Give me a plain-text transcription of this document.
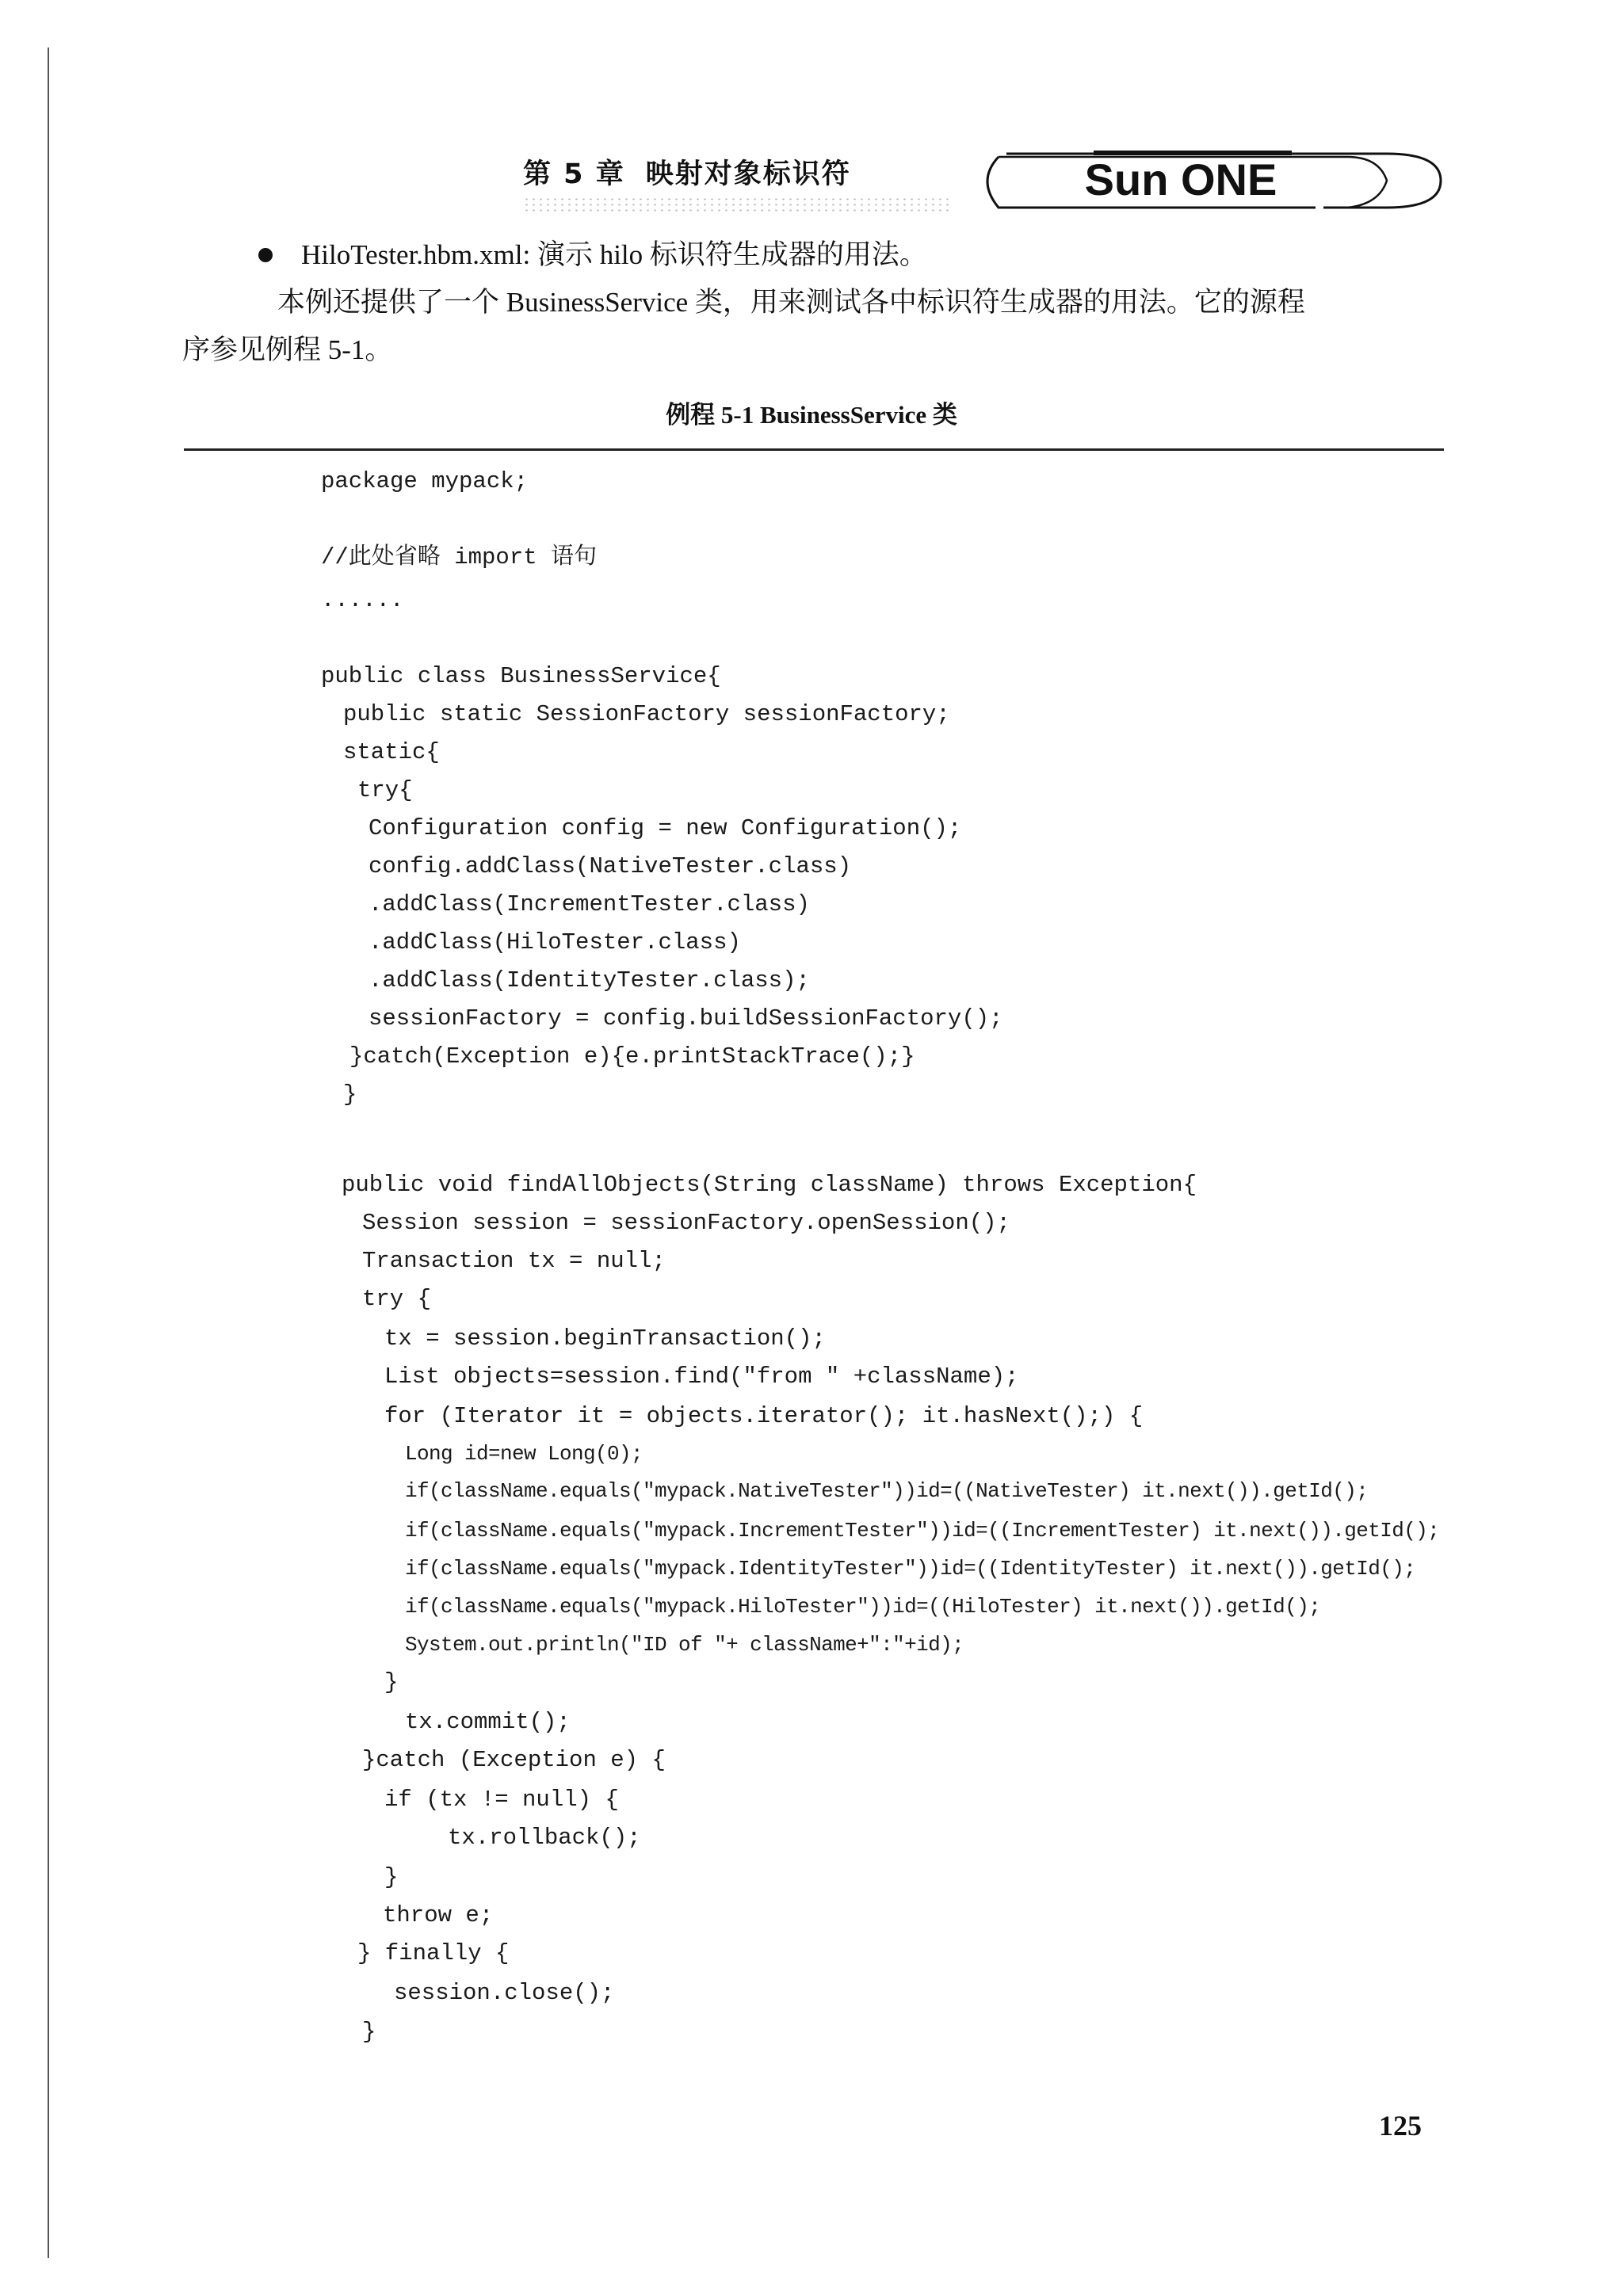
第 5 章 映射对象标识符	Sun ONE
HiloTester.hbm.xml: 演示 hilo 标识符生成器的用法。
本例还提供了一个 BusinessService 类，用来测试各中标识符生成器的用法。它的源程
序参见例程 5-1。
例程 5-1 BusinessService 类
package mypack;
//此处省略 import 语句
......
public class BusinessService{
public static SessionFactory sessionFactory;
static{
try{
Configuration config = new Configuration();
config.addClass(NativeTester.class)
.addClass(IncrementTester.class)
.addClass(HiloTester.class)
.addClass(IdentityTester.class);
sessionFactory = config.buildSessionFactory();
}catch(Exception e){e.printStackTrace();}
}
public void findAllObjects(String className) throws Exception{
Session session = sessionFactory.openSession();
Transaction tx = null;
try {
tx = session.beginTransaction();
List objects=session.find("from " +className);
for (Iterator it = objects.iterator(); it.hasNext();) {
Long id=new Long(0);
if(className.equals("mypack.NativeTester"))id=((NativeTester) it.next()).getId();
if(className.equals("mypack.IncrementTester"))id=((IncrementTester) it.next()).getId();
if(className.equals("mypack.IdentityTester"))id=((IdentityTester) it.next()).getId();
if(className.equals("mypack.HiloTester"))id=((HiloTester) it.next()).getId();
System.out.println("ID of "+ className+":"+id);
}
tx.commit();
}catch (Exception e) {
if (tx != null) {
tx.rollback();
}
throw e;
} finally {
session.close();
}
125
